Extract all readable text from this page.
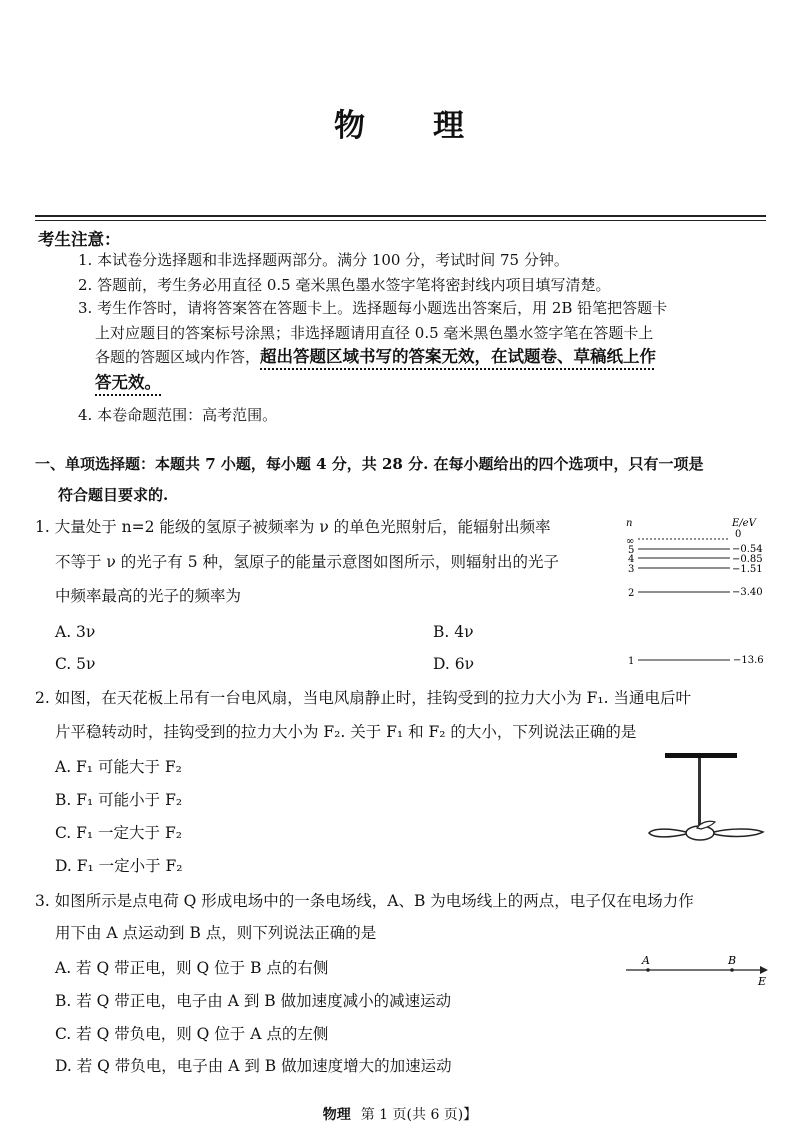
物　　理
考生注意：
1. 本试卷分选择题和非选择题两部分。满分 100 分，考试时间 75 分钟。
2. 答题前，考生务必用直径 0.5 毫米黑色墨水签字笔将密封线内项目填写清楚。
3. 考生作答时，请将答案答在答题卡上。选择题每小题选出答案后，用 2B 铅笔把答题卡
上对应题目的答案标号涂黑；非选择题请用直径 0.5 毫米黑色墨水签字笔在答题卡上
各题的答题区域内作答，超出答题区域书写的答案无效，在试题卷、草稿纸上作
答无效。
4. 本卷命题范围：高考范围。
一、单项选择题：本题共 7 小题，每小题 4 分，共 28 分. 在每小题给出的四个选项中，只有一项是
符合题目要求的.
1. 大量处于 n=2 能级的氢原子被频率为 ν 的单色光照射后，能辐射出频率
不等于 ν 的光子有 5 种，氢原子的能量示意图如图所示，则辐射出的光子
中频率最高的光子的频率为
A. 3ν	B. 4ν
C. 5ν	D. 6ν
n	E/eV
∞
0
5	−0.54
4	−0.85
3	−1.51
2	−3.40
1	−13.6
2. 如图，在天花板上吊有一台电风扇，当电风扇静止时，挂钩受到的拉力大小为 F₁. 当通电后叶
片平稳转动时，挂钩受到的拉力大小为 F₂. 关于 F₁ 和 F₂ 的大小，下列说法正确的是
A. F₁ 可能大于 F₂
B. F₁ 可能小于 F₂
C. F₁ 一定大于 F₂
D. F₁ 一定小于 F₂
3. 如图所示是点电荷 Q 形成电场中的一条电场线，A、B 为电场线上的两点，电子仅在电场力作
用下由 A 点运动到 B 点，则下列说法正确的是
A. 若 Q 带正电，则 Q 位于 B 点的右侧
B. 若 Q 带正电，电子由 A 到 B 做加速度减小的减速运动
C. 若 Q 带负电，则 Q 位于 A 点的左侧
D. 若 Q 带负电，电子由 A 到 B 做加速度增大的加速运动
A	B
E
物理 第 1 页(共 6 页)】
